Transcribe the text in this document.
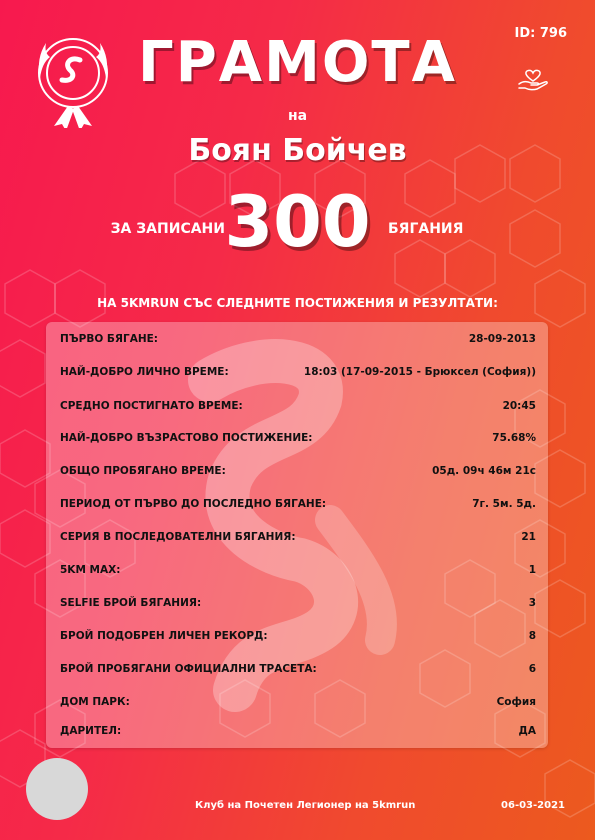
ID: 796
ГРАМОТА
на
Боян Бойчев
ЗА ЗАПИСАНИ 300	БЯГАНИЯ
НА 5KMRUN СЪС СЛЕДНИТЕ ПОСТИЖЕНИЯ И РЕЗУЛТАТИ:
ПЪРВО БЯГАНЕ:	28-09-2013
НАЙ-ДОБРО ЛИЧНО ВРЕМЕ:	18:03 (17-09-2015 - Брюксел (София))
СРЕДНО ПОСТИГНАТО ВРЕМЕ:	20:45
НАЙ-ДОБРО ВЪЗРАСТОВО ПОСТИЖЕНИЕ:	75.68%
ОБЩО ПРОБЯГАНО ВРЕМЕ:	05д. 09ч 46м 21с
ПЕРИОД ОТ ПЪРВО ДО ПОСЛЕДНО БЯГАНЕ:	7г. 5м. 5д.
СЕРИЯ В ПОСЛЕДОВАТЕЛНИ БЯГАНИЯ:	21
5KM MAX:	1
SELFIE БРОЙ БЯГАНИЯ:	3
БРОЙ ПОДОБРЕН ЛИЧЕН РЕКОРД:	8
БРОЙ ПРОБЯГАНИ ОФИЦИАЛНИ ТРАСЕТА:	6
ДОМ ПАРК:	София
ДАРИТЕЛ:	ДА
Клуб на Почетен Легионер на 5kmrun	06-03-2021
